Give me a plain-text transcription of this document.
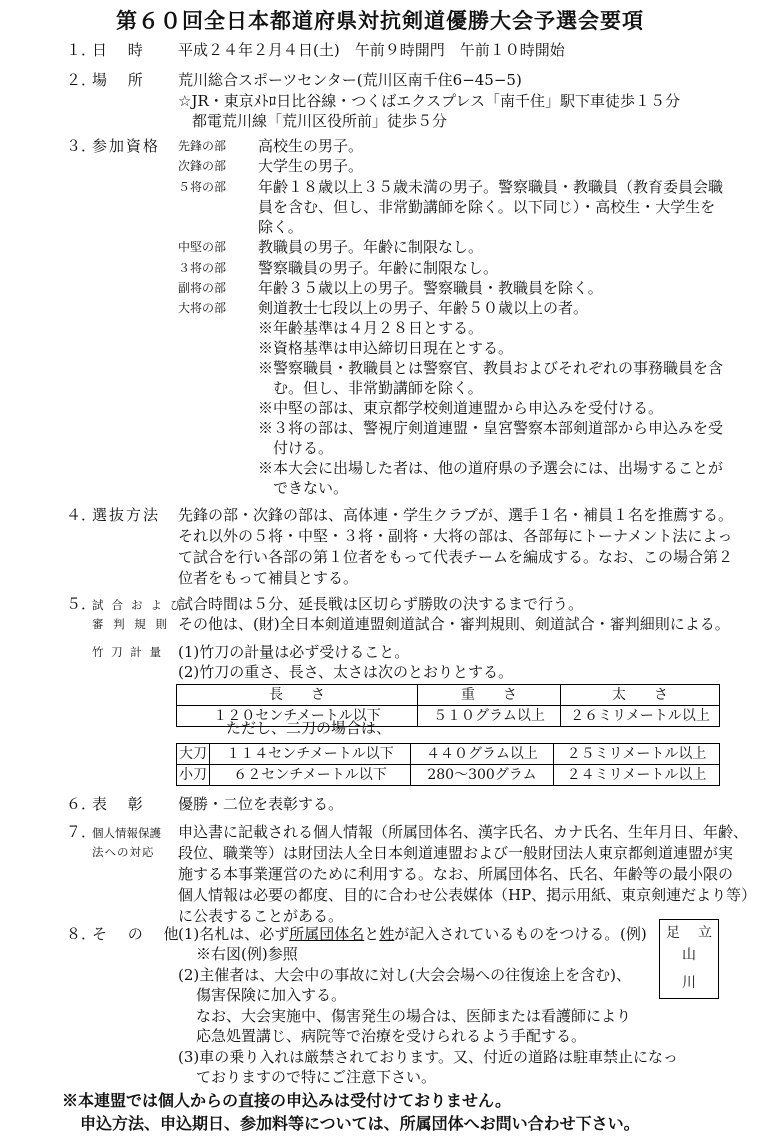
第６０回全日本都道府県対抗剣道優勝大会予選会要項
１．日 時	平成２４年２月４日(土)　午前９時開門　午前１０時開始
２．場 所	荒川総合スポーツセンター(荒川区南千住6−45−5)
☆JR・東京ﾒﾄﾛ日比谷線・つくばエクスプレス「南千住」駅下車徒歩１５分
都電荒川線「荒川区役所前」徒歩５分
３．参加資格	先鋒の部 高校生の男子。
次鋒の部 大学生の男子。
５将の部 年齢１８歳以上３５歳未満の男子。警察職員・教職員（教育委員会職
員を含む、但し、非常勤講師を除く。以下同じ）・高校生・大学生を
除く。
中堅の部 教職員の男子。年齢に制限なし。
３将の部 警察職員の男子。年齢に制限なし。
副将の部 年齢３５歳以上の男子。警察職員・教職員を除く。
大将の部 剣道教士七段以上の男子、年齢５０歳以上の者。
※年齢基準は４月２８日とする。
※資格基準は申込締切日現在とする。
※警察職員・教職員とは警察官、教員およびそれぞれの事務職員を含
　む。但し、非常勤講師を除く。
※中堅の部は、東京都学校剣道連盟から申込みを受付ける。
※３将の部は、警視庁剣道連盟・皇宮警察本部剣道部から申込みを受
　付ける。
※本大会に出場した者は、他の道府県の予選会には、出場することが
　できない。
４．選抜方法	先鋒の部・次鋒の部は、高体連・学生クラブが、選手１名・補員１名を推薦する。
それ以外の５将・中堅・３将・副将・大将の部は、各部毎にトーナメント法によっ
て試合を行い各部の第１位者をもって代表チームを編成する。なお、この場合第２
位者をもって補員とする。
５．試合および
審 判 規 則
試合時間は５分、延長戦は区切らず勝敗の決するまで行う。
その他は、(財)全日本剣道連盟剣道試合・審判規則、剣道試合・審判細則による。
竹 刀 計 量 (1)竹刀の計量は必ず受けること。
(2)竹刀の重さ、長さ、太さは次のとおりとする。
長　　さ	重　　さ	太　　さ
１２０センチメートル以下	５１０グラム以上	２６ミリメートル以上
ただし、二刀の場合は、
大刀	１１４センチメートル以下	４４０グラム以上	２５ミリメートル以上
小刀	６２センチメートル以下	280〜300グラム	２４ミリメートル以上
６．表 彰	優勝・二位を表彰する。
７．個人情報保護
法への対応
申込書に記載される個人情報（所属団体名、漢字氏名、カナ氏名、生年月日、年齢、
段位、職業等）は財団法人全日本剣道連盟および一般財団法人東京都剣道連盟が実
施する本事業運営のために利用する。なお、所属団体名、氏名、年齢等の最小限の
個人情報は必要の都度、目的に合わせ公表媒体（HP、掲示用紙、東京剣連だより等）
に公表することがある。
８．そ の 他
(1)名札は、必ず所属団体名と姓が記入されているものをつける。
※右図(例)参照
(2)主催者は、大会中の事故に対し(大会会場への往復途上を含む)、
傷害保険に加入する。
なお、大会実施中、傷害発生の場合は、医師または看護師により
応急処置講じ、病院等で治療を受けられるよう手配する。
(3)車の乗り入れは厳禁されております。又、付近の道路は駐車禁止になっ
ておりますので特にご注意下さい。
(例) 足 立
山
川
※本連盟では個人からの直接の申込みは受付けておりません。
申込方法、申込期日、参加料等については、所属団体へお問い合わせ下さい。
